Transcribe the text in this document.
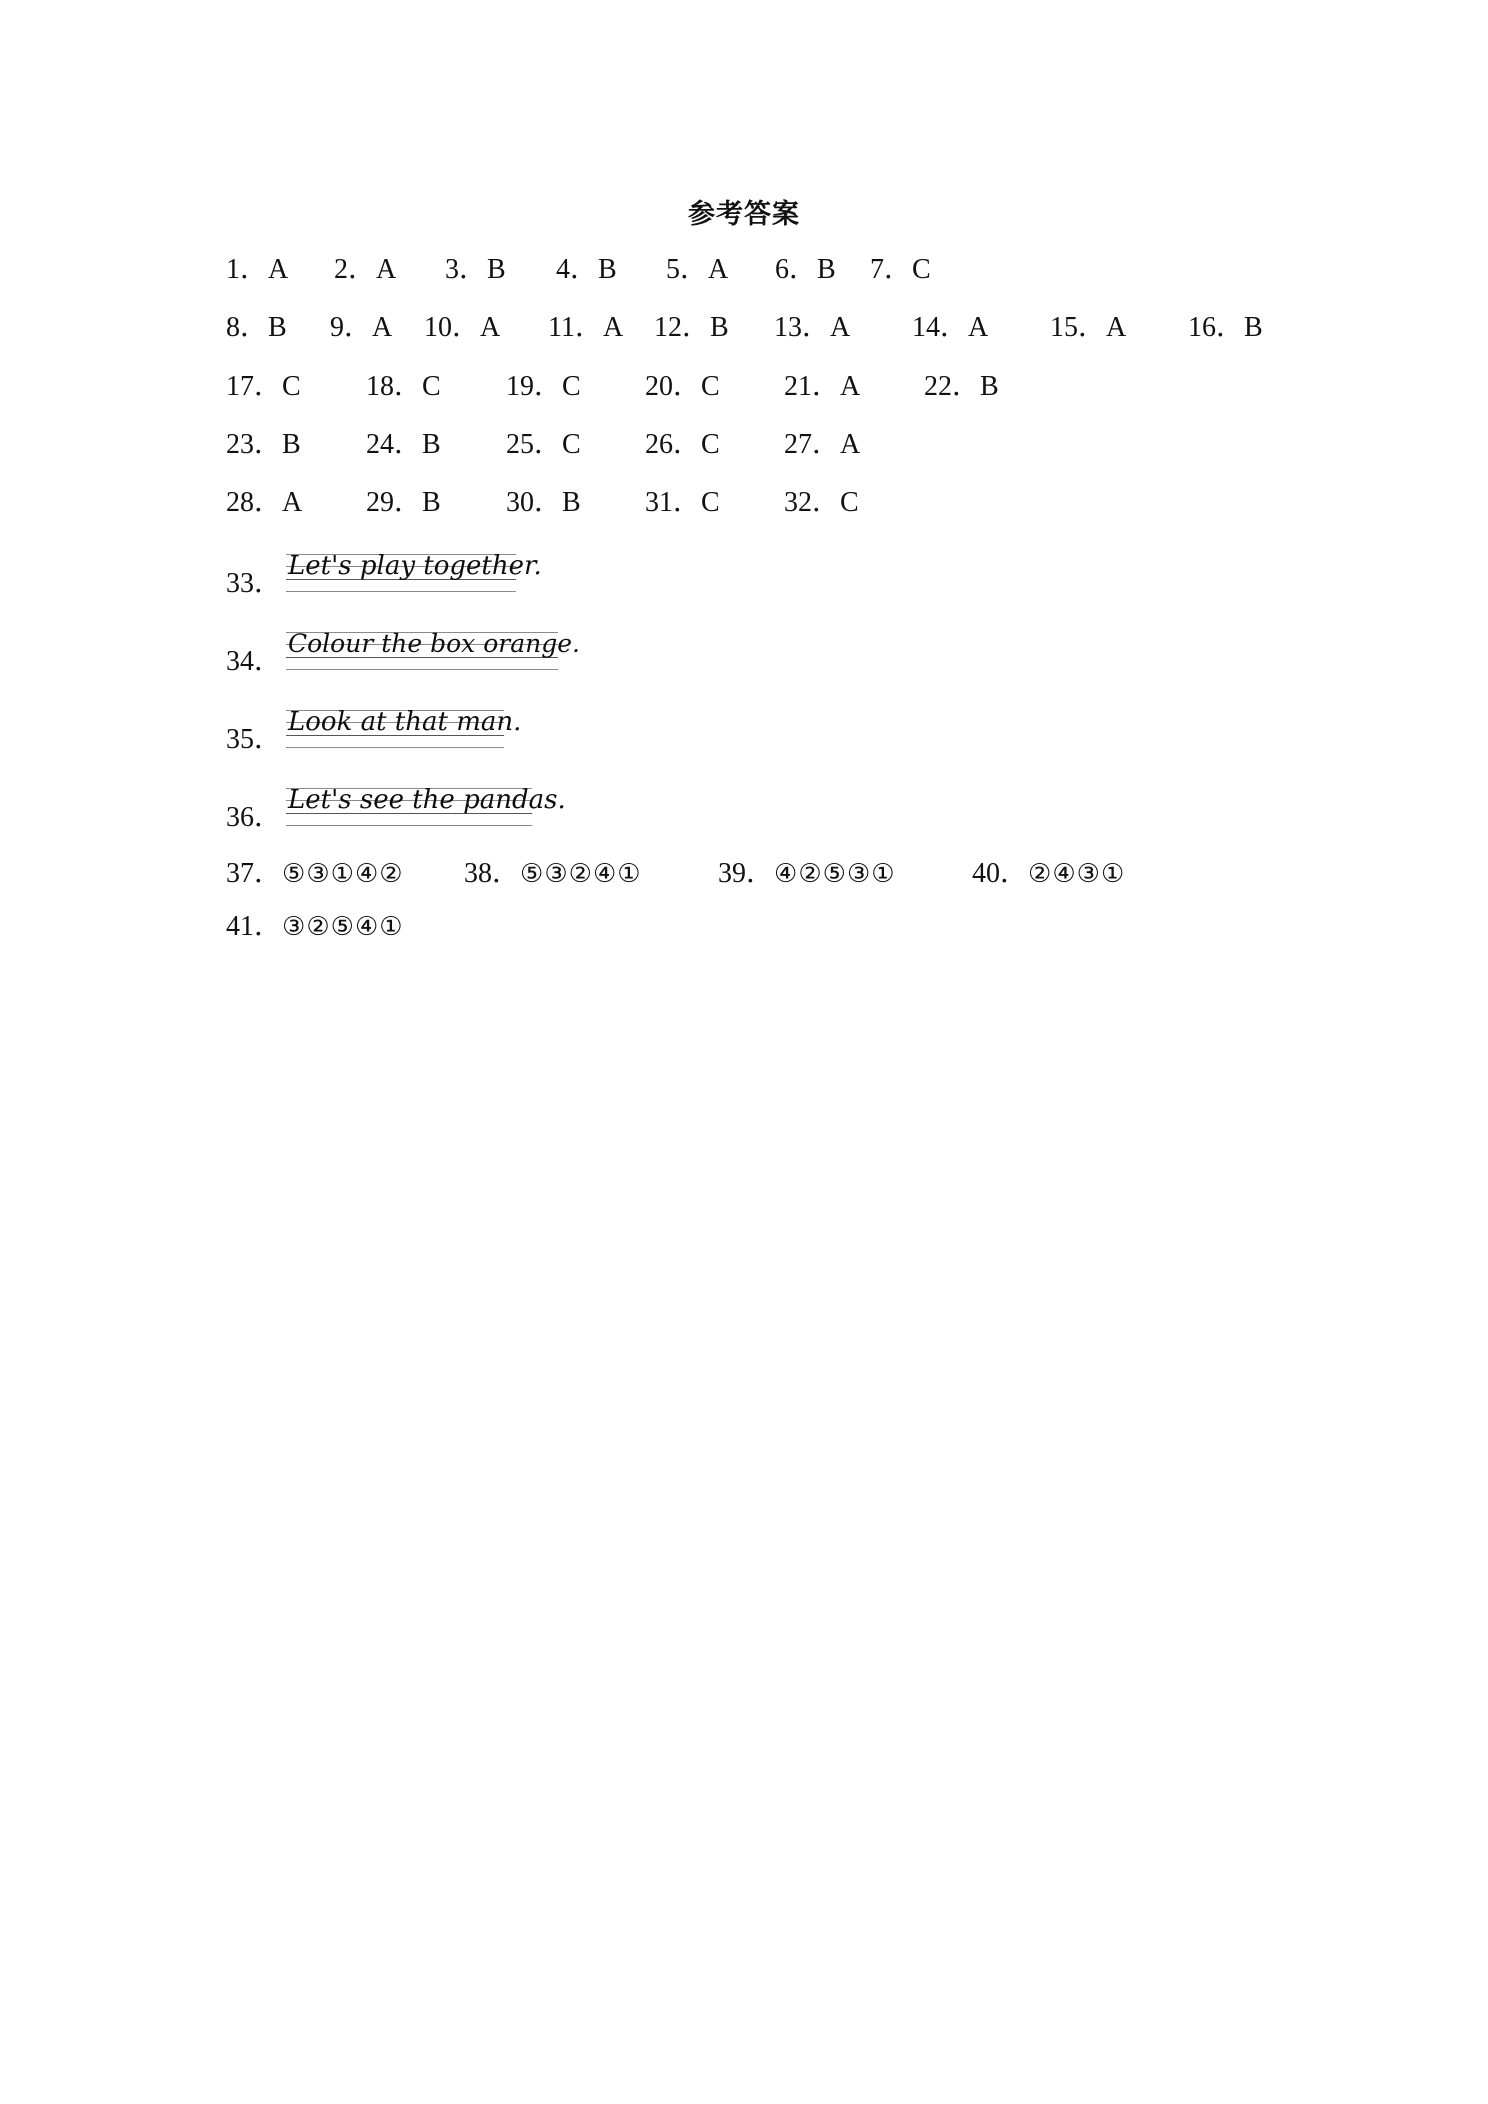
参考答案
1．A 2．A 3．B 4．B 5．A 6．B 7．C
8．B 9．A 10．A 11．A 12．B 13．A 14．A 15．A 16．B
17．C 18．C 19．C 20．C 21．A 22．B
23．B 24．B 25．C 26．C 27．A
28．A 29．B 30．B 31．C 32．C
33．
Let's play together.
34．
Colour the box orange.
35．
Look at that man.
36．
Let's see the pandas.
37．⑤③①④② 38．⑤③②④①	39．④②⑤③①	40．②④③①
41．③②⑤④①
